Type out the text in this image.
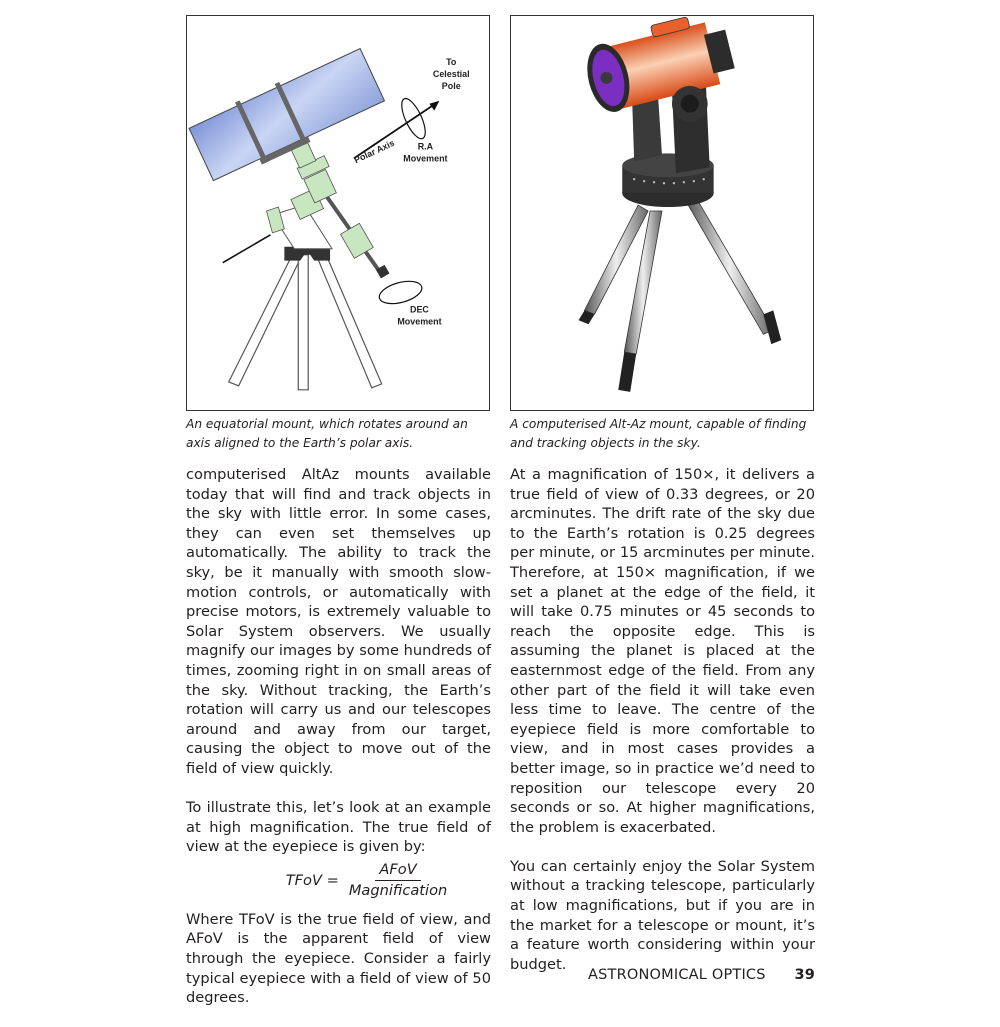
To
Celestial
Pole
Polar Axis R.A
Movement
DEC
Movement
An equatorial mount, which rotates around an axis aligned to the Earth’s polar axis.
A computerised Alt-Az mount, capable of finding and tracking objects in the sky.

computerised AltAz mounts available today that will find and track objects in the sky with little error. In some cases, they can even set themselves up automatically. The ability to track the sky, be it manually with smooth slow-motion controls, or automatically with precise motors, is extremely valuable to Solar System observers. We usually magnify our images by some hundreds of times, zooming right in on small areas of the sky. Without tracking, the Earth’s rotation will carry us and our telescopes around and away from our target, causing the object to move out of the field of view quickly.

To illustrate this, let’s look at an example at high magnification. The true field of view at the eyepiece is given by:

TFoV = $\frac{\text{AFoV}}{\text{Magnification}}$

Where TFoV is the true field of view, and AFoV is the apparent field of view through the eyepiece. Consider a fairly typical eyepiece with a field of view of 50 degrees.

At a magnification of 150×, it delivers a true field of view of 0.33 degrees, or 20 arcminutes. The drift rate of the sky due to the Earth’s rotation is 0.25 degrees per minute, or 15 arcminutes per minute. Therefore, at 150× magnification, if we set a planet at the edge of the field, it will take 0.75 minutes or 45 seconds to reach the opposite edge. This is assuming the planet is placed at the easternmost edge of the field. From any other part of the field it will take even less time to leave. The centre of the eyepiece field is more comfortable to view, and in most cases provides a better image, so in practice we’d need to reposition our telescope every 20 seconds or so. At higher magnifications, the problem is exacerbated.

You can certainly enjoy the Solar System without a tracking telescope, particularly at low magnifications, but if you are in the market for a telescope or mount, it’s a feature worth considering within your budget.

ASTRONOMICAL OPTICS 39
